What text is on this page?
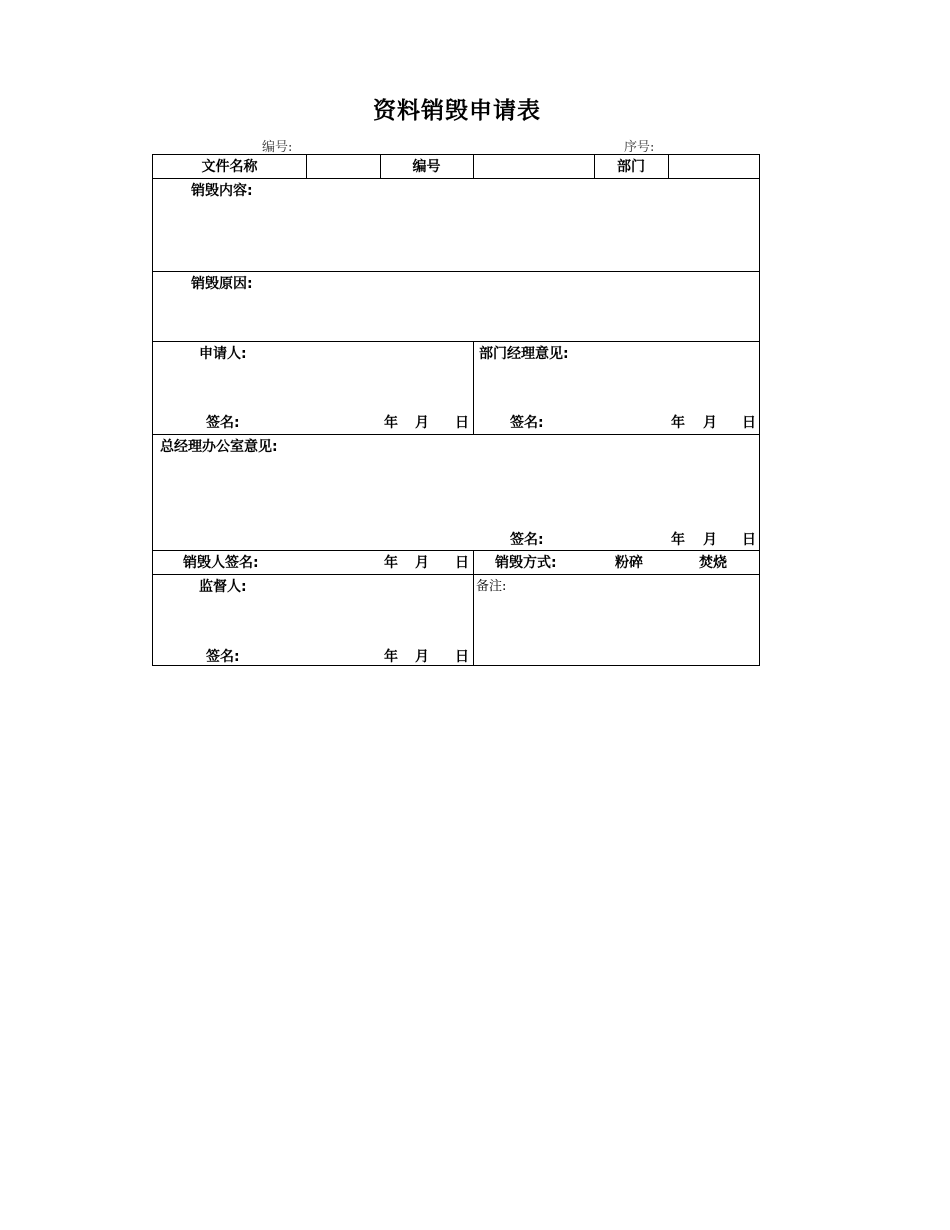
资料销毁申请表
编号:	序号:
文件名称	编号	部门
销毁内容:
销毁原因:
申请人:
签名:	年 月 日
部门经理意见:
签名:	年 月 日
总经理办公室意见:
签名:	年 月 日
销毁人签名:	年 月 日 销毁方式:	粉碎	焚烧
监督人:
签名:	年 月 日
备注:
